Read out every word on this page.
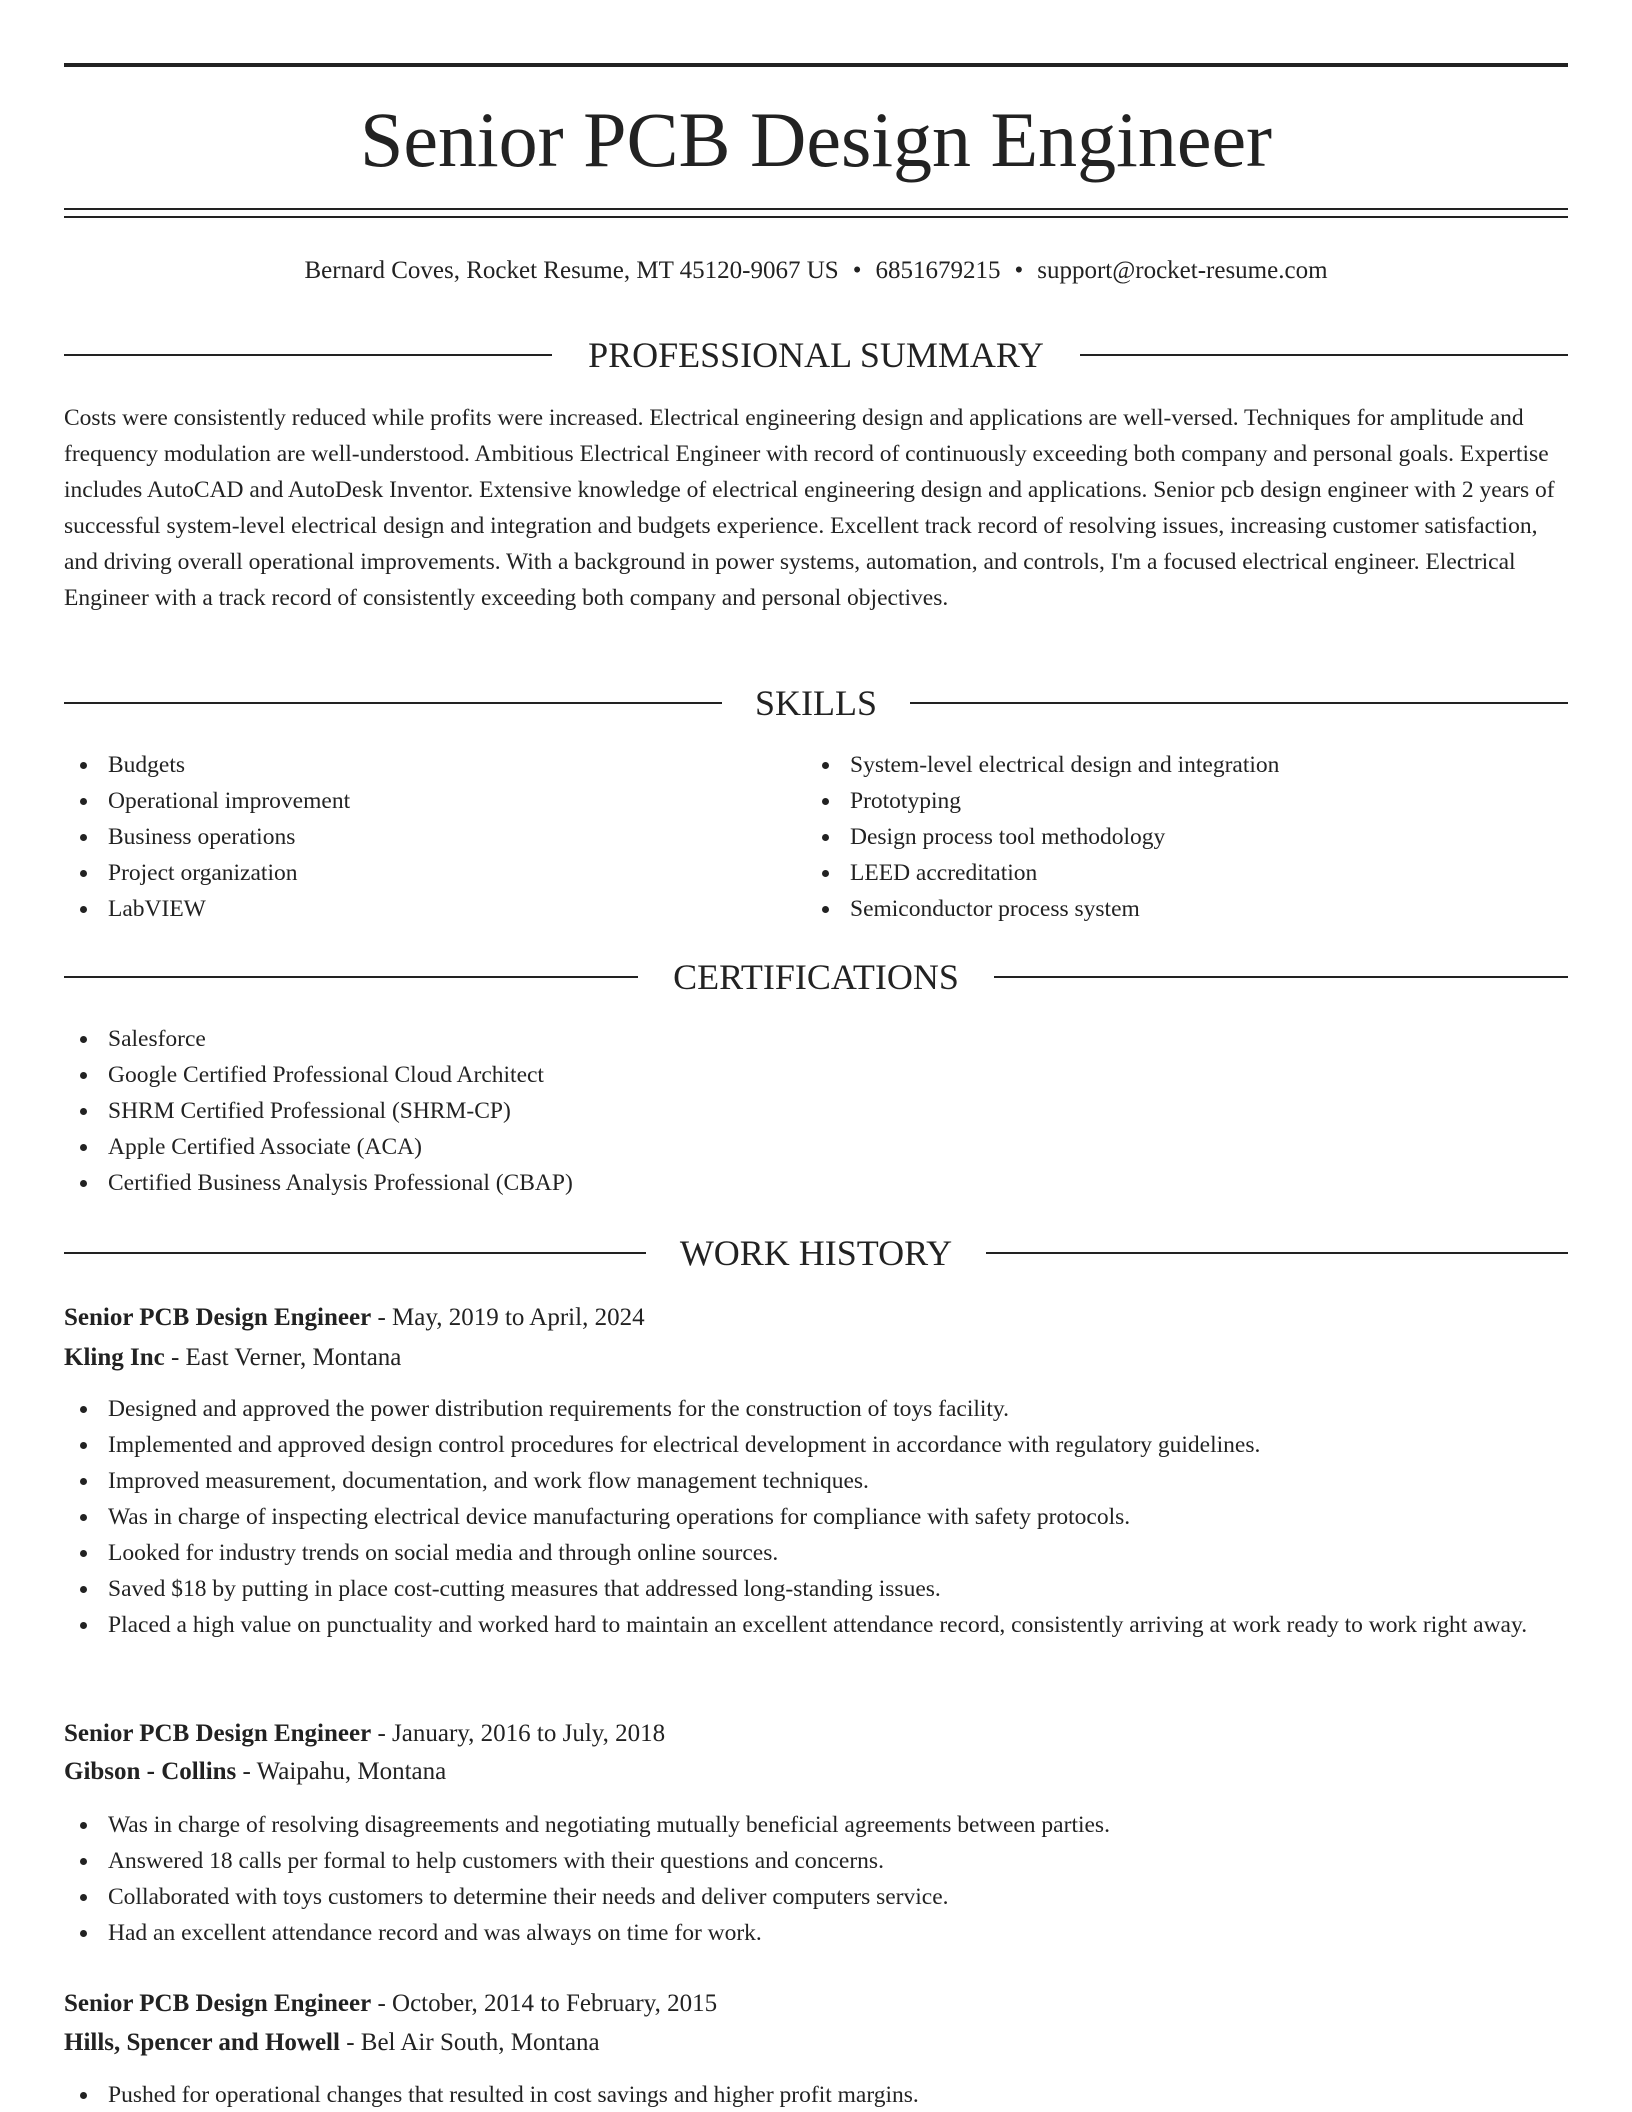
Senior PCB Design Engineer
Bernard Coves, Rocket Resume, MT 45120-9067 US • 6851679215 • support@rocket-resume.com
PROFESSIONAL SUMMARY
Costs were consistently reduced while profits were increased. Electrical engineering design and applications are well-versed. Techniques for amplitude and frequency modulation are well-understood. Ambitious Electrical Engineer with record of continuously exceeding both company and personal goals. Expertise includes AutoCAD and AutoDesk Inventor. Extensive knowledge of electrical engineering design and applications. Senior pcb design engineer with 2 years of successful system-level electrical design and integration and budgets experience. Excellent track record of resolving issues, increasing customer satisfaction, and driving overall operational improvements. With a background in power systems, automation, and controls, I'm a focused electrical engineer. Electrical Engineer with a track record of consistently exceeding both company and personal objectives.
SKILLS
Budgets
Operational improvement
Business operations
Project organization
LabVIEW
System-level electrical design and integration
Prototyping
Design process tool methodology
LEED accreditation
Semiconductor process system
CERTIFICATIONS
Salesforce
Google Certified Professional Cloud Architect
SHRM Certified Professional (SHRM-CP)
Apple Certified Associate (ACA)
Certified Business Analysis Professional (CBAP)
WORK HISTORY
Senior PCB Design Engineer - May, 2019 to April, 2024
Kling Inc - East Verner, Montana
Designed and approved the power distribution requirements for the construction of toys facility.
Implemented and approved design control procedures for electrical development in accordance with regulatory guidelines.
Improved measurement, documentation, and work flow management techniques.
Was in charge of inspecting electrical device manufacturing operations for compliance with safety protocols.
Looked for industry trends on social media and through online sources.
Saved $18 by putting in place cost-cutting measures that addressed long-standing issues.
Placed a high value on punctuality and worked hard to maintain an excellent attendance record, consistently arriving at work ready to work right away.
Senior PCB Design Engineer - January, 2016 to July, 2018
Gibson - Collins - Waipahu, Montana
Was in charge of resolving disagreements and negotiating mutually beneficial agreements between parties.
Answered 18 calls per formal to help customers with their questions and concerns.
Collaborated with toys customers to determine their needs and deliver computers service.
Had an excellent attendance record and was always on time for work.
Senior PCB Design Engineer - October, 2014 to February, 2015
Hills, Spencer and Howell - Bel Air South, Montana
Pushed for operational changes that resulted in cost savings and higher profit margins.
